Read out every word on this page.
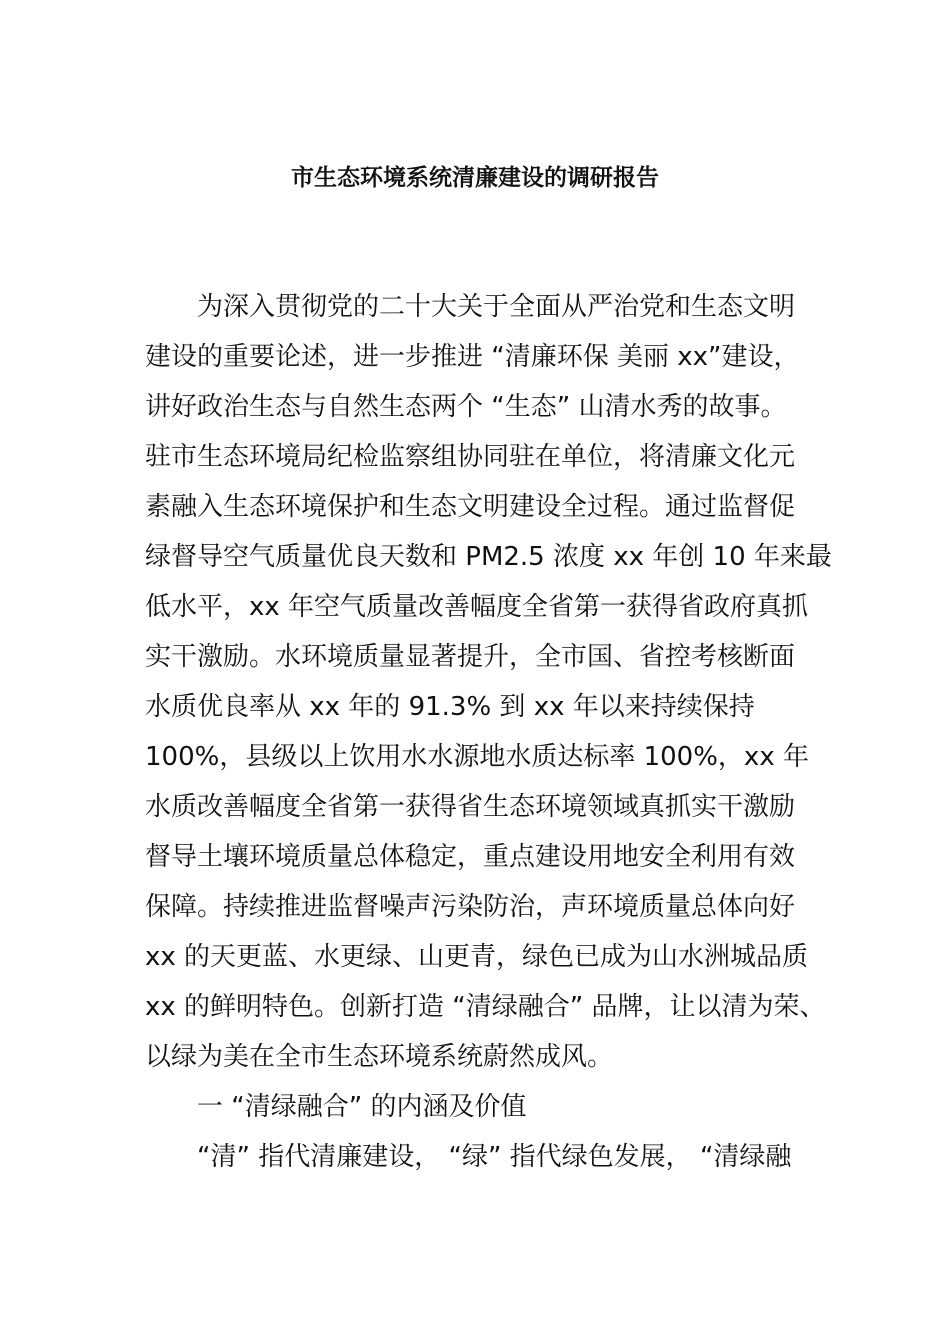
市生态环境系统清廉建设的调研报告
为深入贯彻党的二十大关于全面从严治党和生态文明
建设的重要论述，进一步推进 “清廉环保 美丽 xx”建设，
讲好政治生态与自然生态两个 “生态” 山清水秀的故事。
驻市生态环境局纪检监察组协同驻在单位，将清廉文化元
素融入生态环境保护和生态文明建设全过程。通过监督促
绿督导空气质量优良天数和 PM2.5 浓度 xx 年创 10 年来最
低水平，xx 年空气质量改善幅度全省第一获得省政府真抓
实干激励。水环境质量显著提升，全市国、省控考核断面
水质优良率从 xx 年的 91.3% 到 xx 年以来持续保持
100%，县级以上饮用水水源地水质达标率 100%，xx 年
水质改善幅度全省第一获得省生态环境领域真抓实干激励
督导土壤环境质量总体稳定，重点建设用地安全利用有效
保障。持续推进监督噪声污染防治，声环境质量总体向好
xx 的天更蓝、水更绿、山更青，绿色已成为山水洲城品质
xx 的鲜明特色。创新打造 “清绿融合” 品牌，让以清为荣、
以绿为美在全市生态环境系统蔚然成风。
一 “清绿融合” 的内涵及价值
“清” 指代清廉建设， “绿” 指代绿色发展， “清绿融
